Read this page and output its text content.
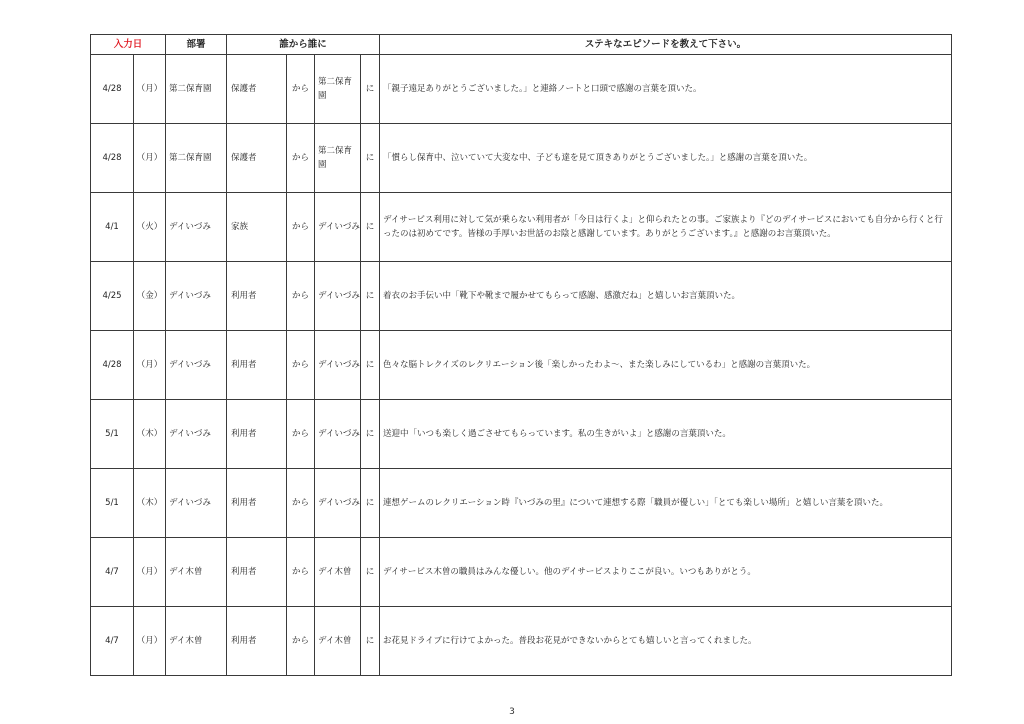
入力日		部署	誰から誰に				ステキなエピソードを教えて下さい。
4/28	（月）	第二保育園	保護者	から	第二保育園	に	「親子遠足ありがとうございました。」と連絡ノートと口頭で感謝の言葉を頂いた。
4/28	（月）	第二保育園	保護者	から	第二保育園	に	「慣らし保育中、泣いていて大変な中、子ども達を見て頂きありがとうございました。」と感謝の言葉を頂いた。
4/1	（火）	デイいづみ	家族	から	デイいづみ	に	デイサービス利用に対して気が乗らない利用者が「今日は行くよ」と仰られたとの事。ご家族より『どのデイサービスにおいても自分から行くと行ったのは初めてです。皆様の手厚いお世話のお陰と感謝しています。ありがとうございます。』と感謝のお言葉頂いた。
4/25	（金）	デイいづみ	利用者	から	デイいづみ	に	着衣のお手伝い中「靴下や靴まで履かせてもらって感謝、感激だね」と嬉しいお言葉頂いた。
4/28	（月）	デイいづみ	利用者	から	デイいづみ	に	色々な脳トレクイズのレクリエーション後「楽しかったわよ～、また楽しみにしているわ」と感謝の言葉頂いた。
5/1	（木）	デイいづみ	利用者	から	デイいづみ	に	送迎中「いつも楽しく過ごさせてもらっています。私の生きがいよ」と感謝の言葉頂いた。
5/1	（木）	デイいづみ	利用者	から	デイいづみ	に	連想ゲームのレクリエーション時『いづみの里』について連想する際「職員が優しい」「とても楽しい場所」と嬉しい言葉を頂いた。
4/7	（月）	デイ木曽	利用者	から	デイ木曽	に	デイサービス木曽の職員はみんな優しい。他のデイサービスよりここが良い。いつもありがとう。
4/7	（月）	デイ木曽	利用者	から	デイ木曽	に	お花見ドライブに行けてよかった。普段お花見ができないからとても嬉しいと言ってくれました。
3
